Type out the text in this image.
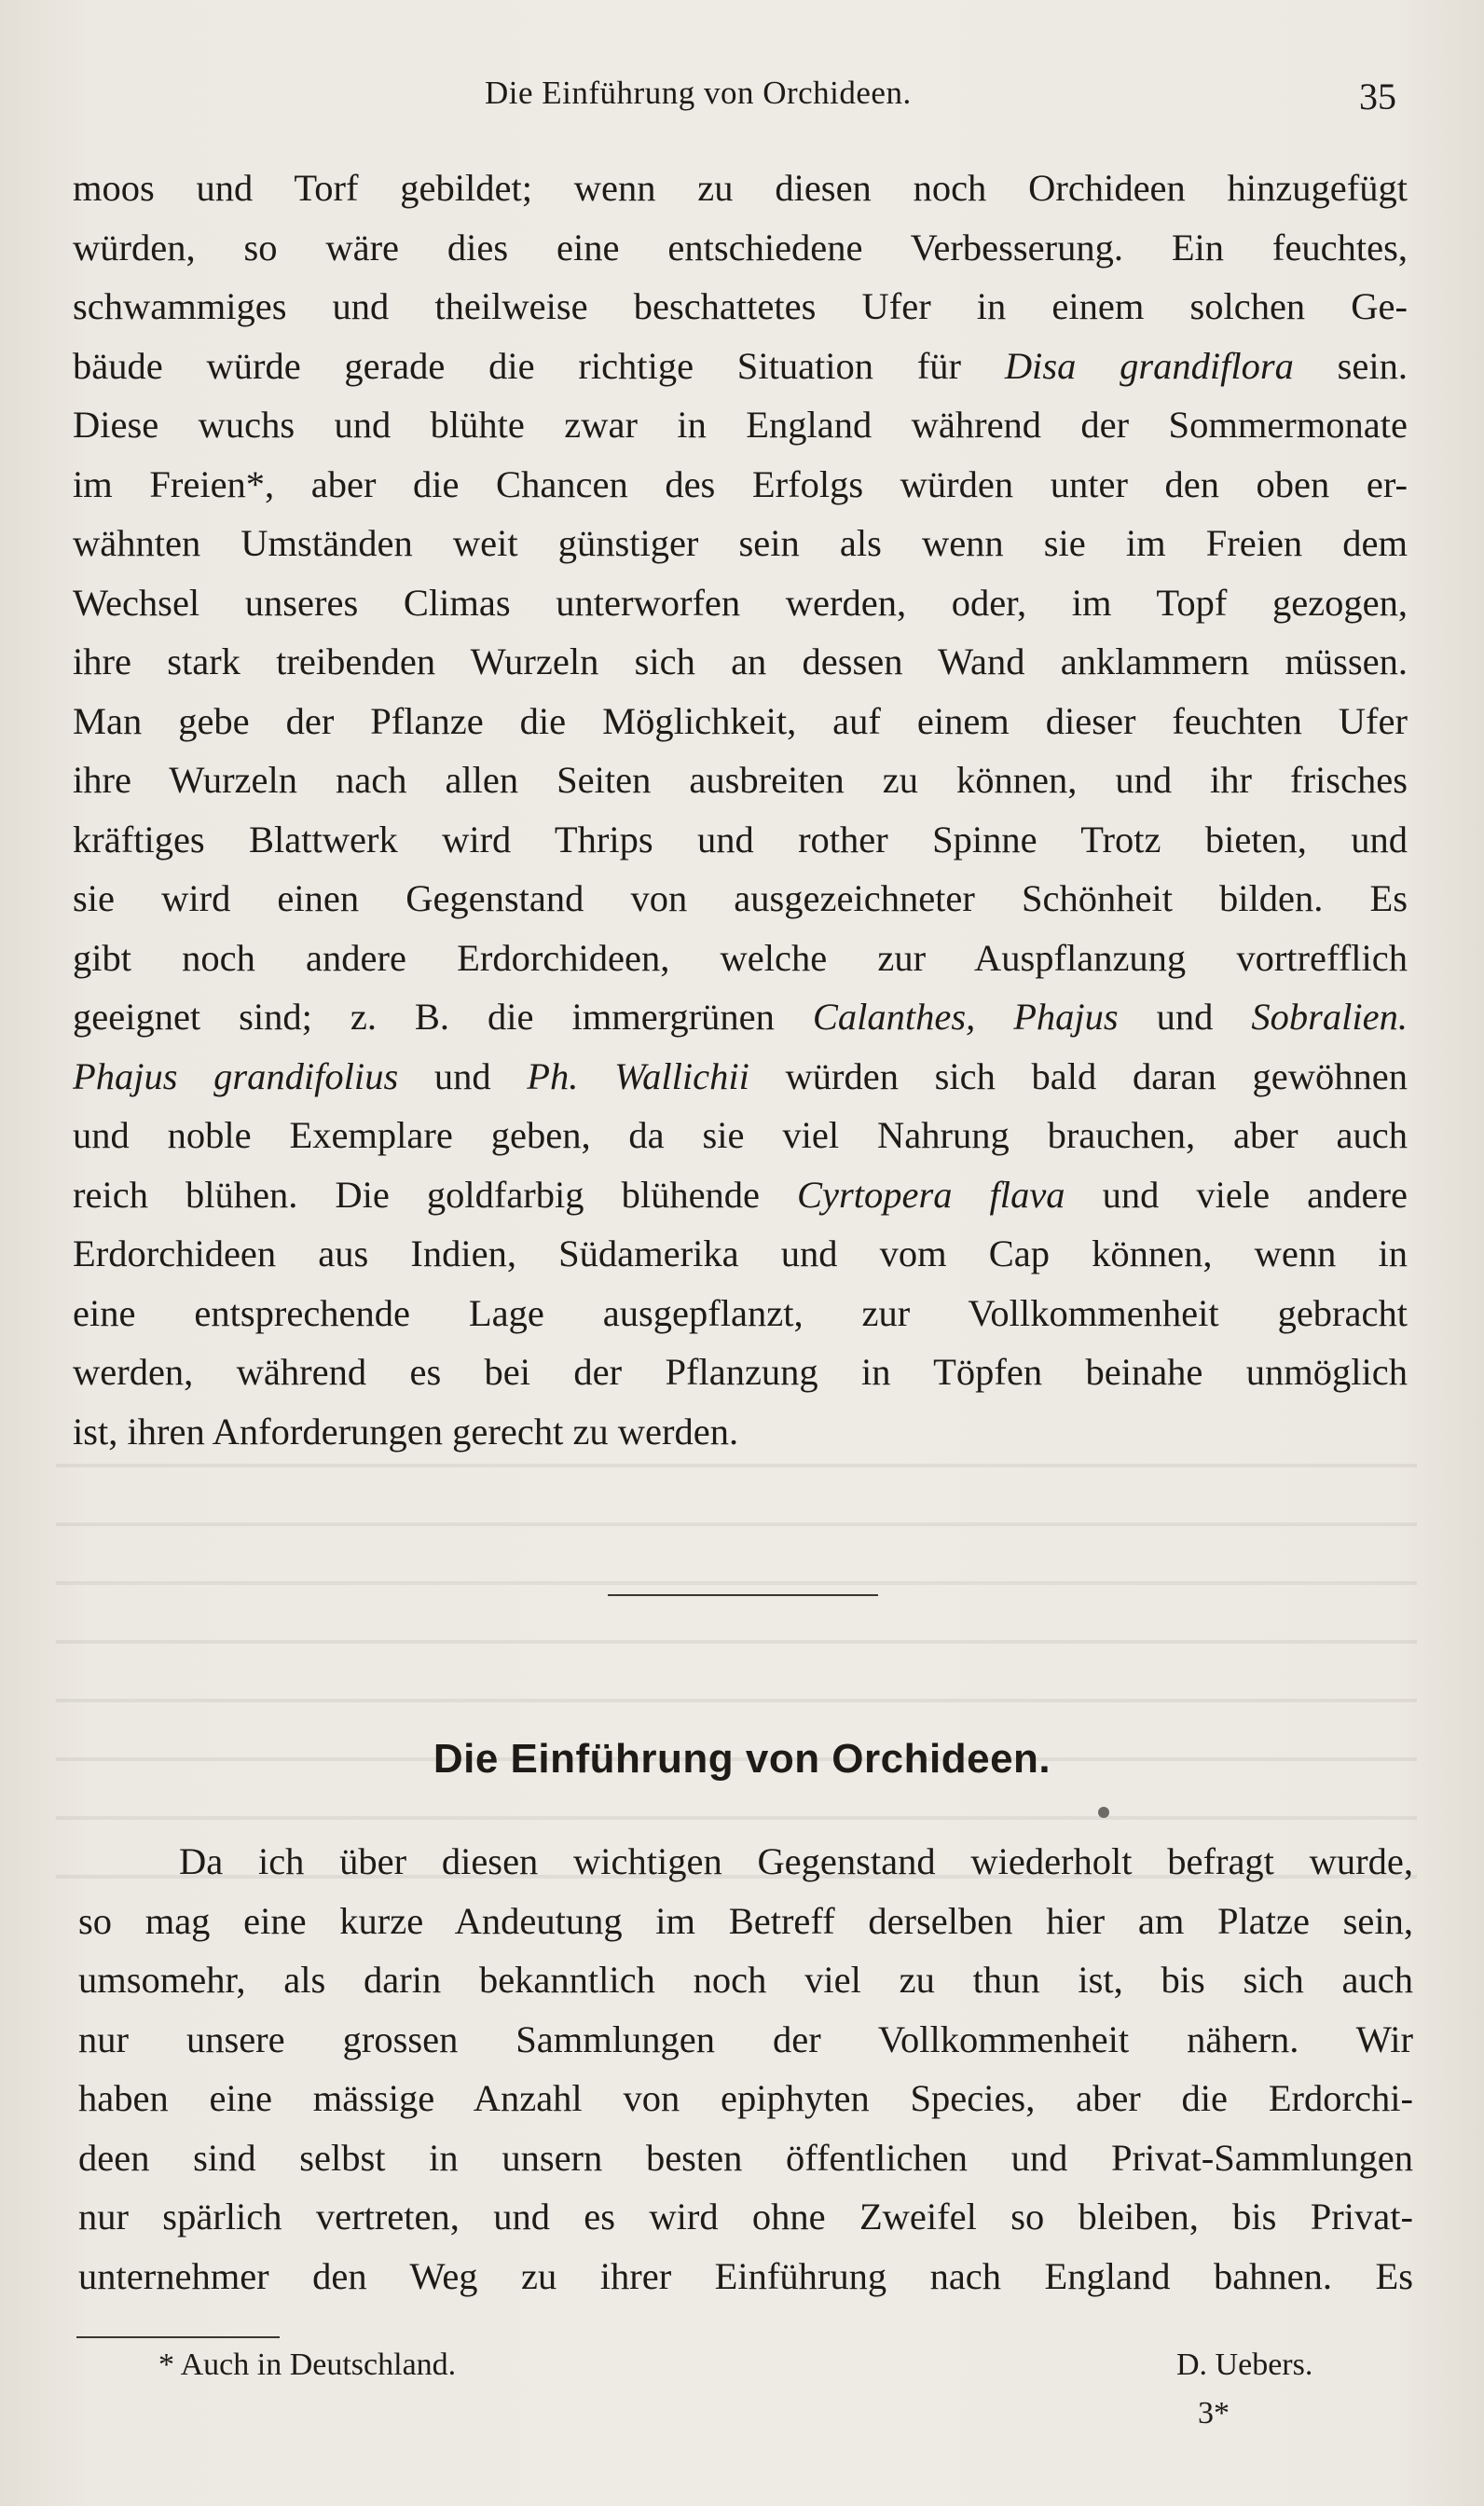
Die Einführung von Orchideen.	35
moos und Torf gebildet; wenn zu diesen noch Orchideen hinzugefügt
würden, so wäre dies eine entschiedene Verbesserung. Ein feuchtes,
schwammiges und theilweise beschattetes Ufer in einem solchen Ge-
bäude würde gerade die richtige Situation für Disa grandiflora sein.
Diese wuchs und blühte zwar in England während der Sommermonate
im Freien*, aber die Chancen des Erfolgs würden unter den oben er-
wähnten Umständen weit günstiger sein als wenn sie im Freien dem
Wechsel unseres Climas unterworfen werden, oder, im Topf gezogen,
ihre stark treibenden Wurzeln sich an dessen Wand anklammern müssen.
Man gebe der Pflanze die Möglichkeit, auf einem dieser feuchten Ufer
ihre Wurzeln nach allen Seiten ausbreiten zu können, und ihr frisches
kräftiges Blattwerk wird Thrips und rother Spinne Trotz bieten, und
sie wird einen Gegenstand von ausgezeichneter Schönheit bilden. Es
gibt noch andere Erdorchideen, welche zur Auspflanzung vortrefflich
geeignet sind; z. B. die immergrünen Calanthes, Phajus und Sobralien.
Phajus grandifolius und Ph. Wallichii würden sich bald daran gewöhnen
und noble Exemplare geben, da sie viel Nahrung brauchen, aber auch
reich blühen. Die goldfarbig blühende Cyrtopera flava und viele andere
Erdorchideen aus Indien, Südamerika und vom Cap können, wenn in
eine entsprechende Lage ausgepflanzt, zur Vollkommenheit gebracht
werden, während es bei der Pflanzung in Töpfen beinahe unmöglich
ist, ihren Anforderungen gerecht zu werden.
Die Einführung von Orchideen.
Da ich über diesen wichtigen Gegenstand wiederholt befragt wurde,
so mag eine kurze Andeutung im Betreff derselben hier am Platze sein,
umsomehr, als darin bekanntlich noch viel zu thun ist, bis sich auch
nur unsere grossen Sammlungen der Vollkommenheit nähern. Wir
haben eine mässige Anzahl von epiphyten Species, aber die Erdorchi-
deen sind selbst in unsern besten öffentlichen und Privat-Sammlungen
nur spärlich vertreten, und es wird ohne Zweifel so bleiben, bis Privat-
unternehmer den Weg zu ihrer Einführung nach England bahnen. Es
* Auch in Deutschland.	D. Uebers.
3*
